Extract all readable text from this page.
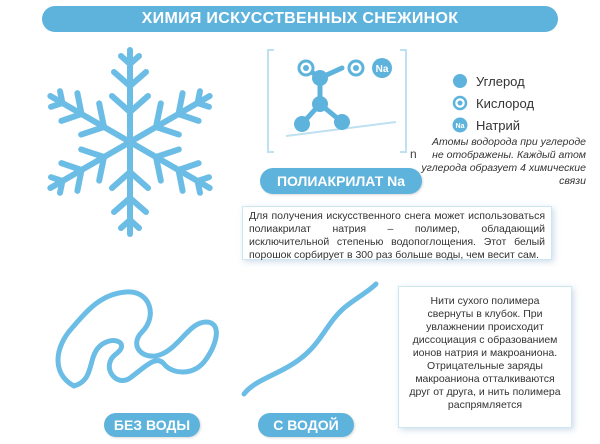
ХИМИЯ ИСКУССТВЕННЫХ СНЕЖИНОК
Na
n
Углерод
Кислород
Na Натрий
Атомы водорода при углероде не отображены. Каждый атом углерода образует 4 химические связи
ПОЛИАКРИЛАТ Na
Для получения искусственного снега может использоваться полиакрилат натрия – полимер, обладающий исключительной степенью водопоглощения. Этот белый порошок сорбирует в 300 раз больше воды, чем весит сам.
Нити сухого полимера свернуты в клубок. При увлажнении происходит диссоциация с образованием ионов натрия и макроаниона. Отрицательные заряды макроаниона отталкиваются друг от друга, и нить полимера распрямляется
БЕЗ ВОДЫ	С ВОДОЙ
